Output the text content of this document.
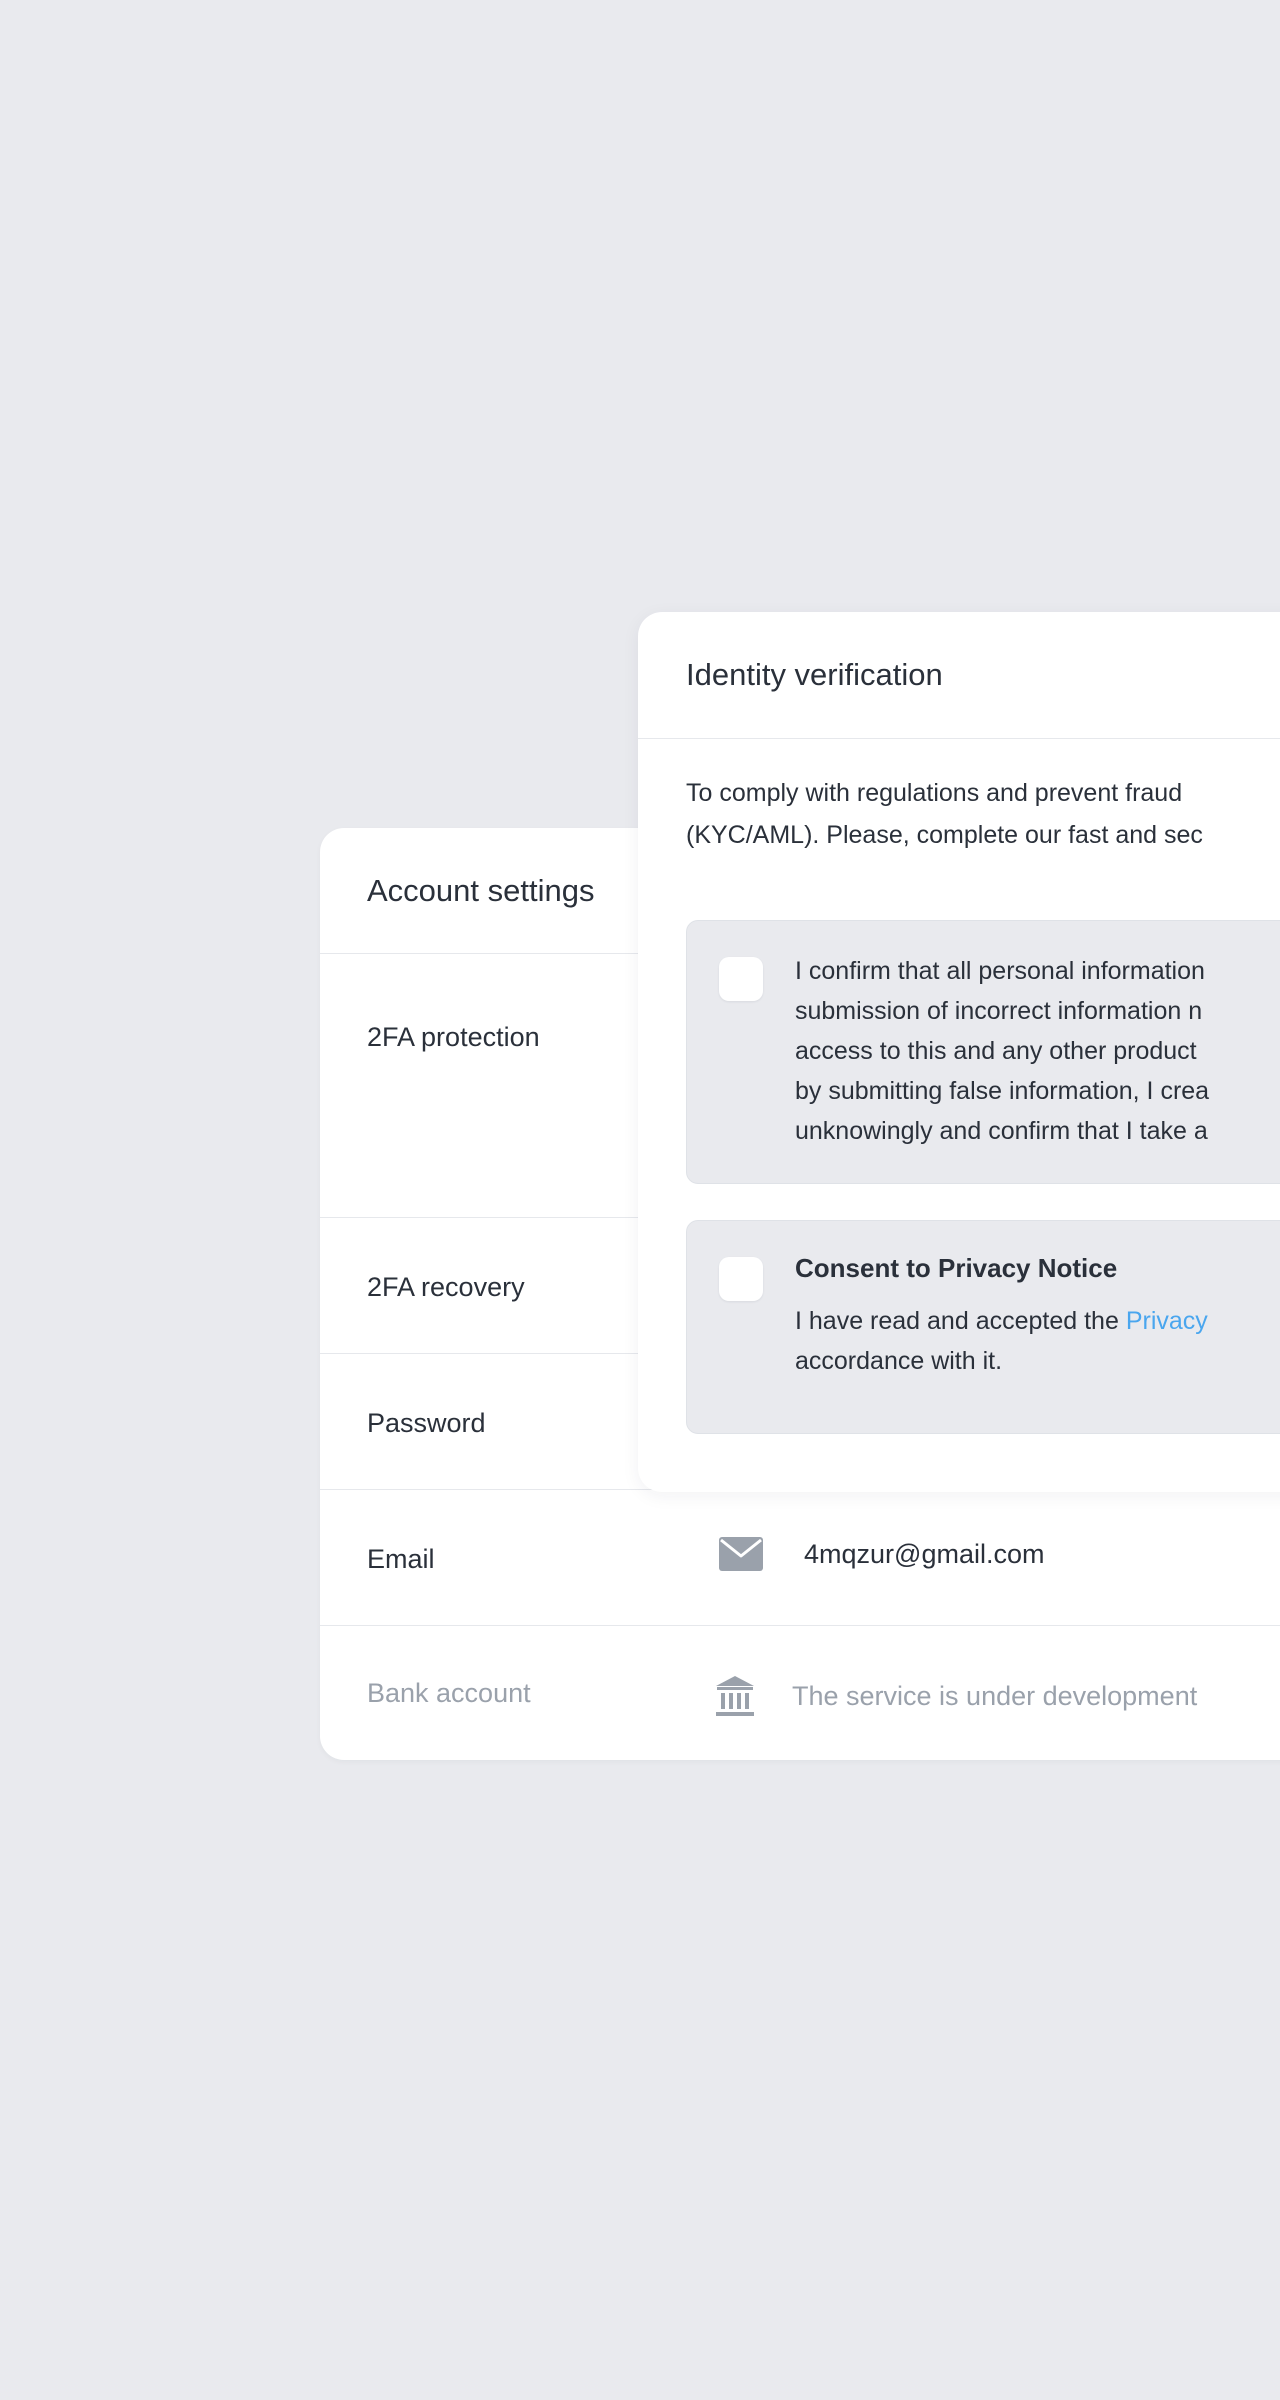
Account settings
2FA protection
2FA recovery
Password
Email	4mqzur@gmail.com
Bank account	The service is under development
Identity verification
To comply with regulations and prevent fraud
(KYC/AML). Please, complete our fast and sec
I confirm that all personal information
submission of incorrect information n
access to this and any other product
by submitting false information, I crea
unknowingly and confirm that I take a
Consent to Privacy Notice
I have read and accepted the Privacy
accordance with it.
